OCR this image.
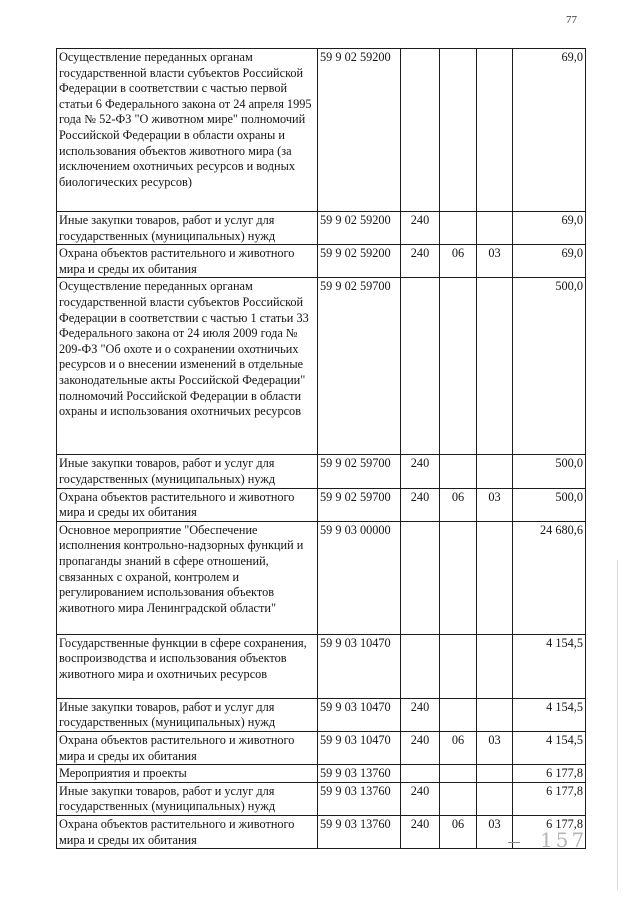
77
Осуществление переданных органам государственной власти субъектов Российской Федерации в соответствии с частью первой статьи 6 Федерального закона от 24 апреля 1995 года № 52-ФЗ "О животном мире" полномочий Российской Федерации в области охраны и использования объектов животного мира (за исключением охотничьих ресурсов и водных биологических ресурсов)	59 9 02 59200				69,0
Иные закупки товаров, работ и услуг для государственных (муниципальных) нужд	59 9 02 59200	240			69,0
Охрана объектов растительного и животного мира и среды их обитания	59 9 02 59200	240	06	03	69,0
Осуществление переданных органам государственной власти субъектов Российской Федерации в соответствии с частью 1 статьи 33 Федерального закона от 24 июля 2009 года № 209-ФЗ "Об охоте и о сохранении охотничьих ресурсов и о внесении изменений в отдельные законодательные акты Российской Федерации" полномочий Российской Федерации в области охраны и использования охотничьих ресурсов	59 9 02 59700				500,0
Иные закупки товаров, работ и услуг для государственных (муниципальных) нужд	59 9 02 59700	240			500,0
Охрана объектов растительного и животного мира и среды их обитания	59 9 02 59700	240	06	03	500,0
Основное мероприятие "Обеспечение исполнения контрольно-надзорных функций и пропаганды знаний в сфере отношений, связанных с охраной, контролем и регулированием использования объектов животного мира Ленинградской области"	59 9 03 00000				24 680,6
Государственные функции в сфере сохранения, воспроизводства и использования объектов животного мира и охотничьих ресурсов	59 9 03 10470				4 154,5
Иные закупки товаров, работ и услуг для государственных (муниципальных) нужд	59 9 03 10470	240			4 154,5
Охрана объектов растительного и животного мира и среды их обитания	59 9 03 10470	240	06	03	4 154,5
Мероприятия и проекты	59 9 03 13760				6 177,8
Иные закупки товаров, работ и услуг для государственных (муниципальных) нужд	59 9 03 13760	240			6 177,8
Охрана объектов растительного и животного мира и среды их обитания	59 9 03 13760	240	06	03	6 177,8
157
